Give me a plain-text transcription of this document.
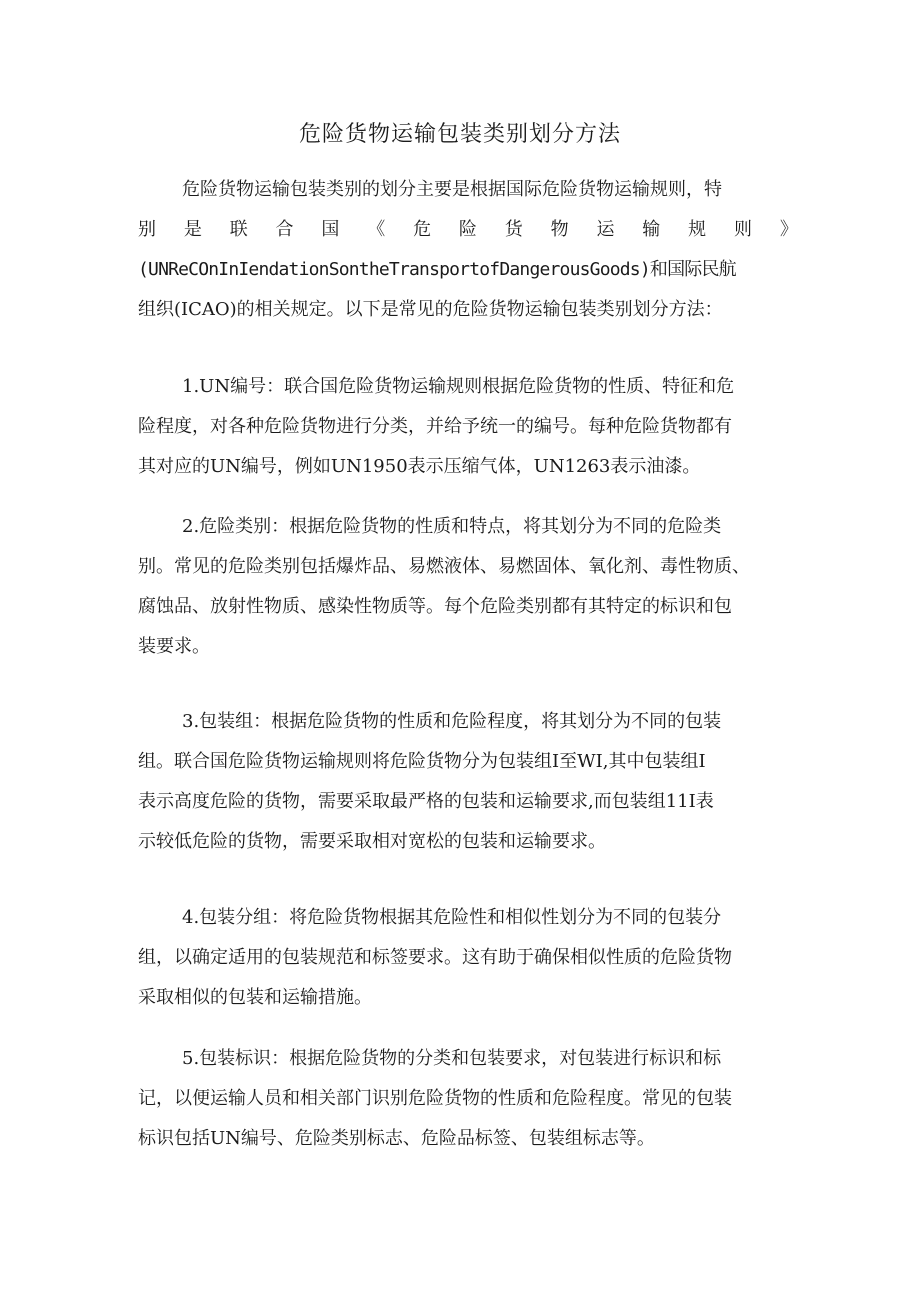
危险货物运输包装类别划分方法
危险货物运输包装类别的划分主要是根据国际危险货物运输规则，特
别 是 联 合 国 《 危 险 货 物 运 输 规 则 》
(UNReCOnInIendationSontheTransportofDangerousGoods)和国际民航
组织(ICAO)的相关规定。以下是常见的危险货物运输包装类别划分方法：
1.UN编号：联合国危险货物运输规则根据危险货物的性质、特征和危
险程度，对各种危险货物进行分类，并给予统一的编号。每种危险货物都有
其对应的UN编号，例如UN1950表示压缩气体，UN1263表示油漆。
2.危险类别：根据危险货物的性质和特点，将其划分为不同的危险类
别。常见的危险类别包括爆炸品、易燃液体、易燃固体、氧化剂、毒性物质、
腐蚀品、放射性物质、感染性物质等。每个危险类别都有其特定的标识和包
装要求。
3.包装组：根据危险货物的性质和危险程度，将其划分为不同的包装
组。联合国危险货物运输规则将危险货物分为包装组I至WI,其中包装组I
表示高度危险的货物，需要采取最严格的包装和运输要求,而包装组11I表
示较低危险的货物，需要采取相对宽松的包装和运输要求。
4.包装分组：将危险货物根据其危险性和相似性划分为不同的包装分
组，以确定适用的包装规范和标签要求。这有助于确保相似性质的危险货物
采取相似的包装和运输措施。
5.包装标识：根据危险货物的分类和包装要求，对包装进行标识和标
记，以便运输人员和相关部门识别危险货物的性质和危险程度。常见的包装
标识包括UN编号、危险类别标志、危险品标签、包装组标志等。
